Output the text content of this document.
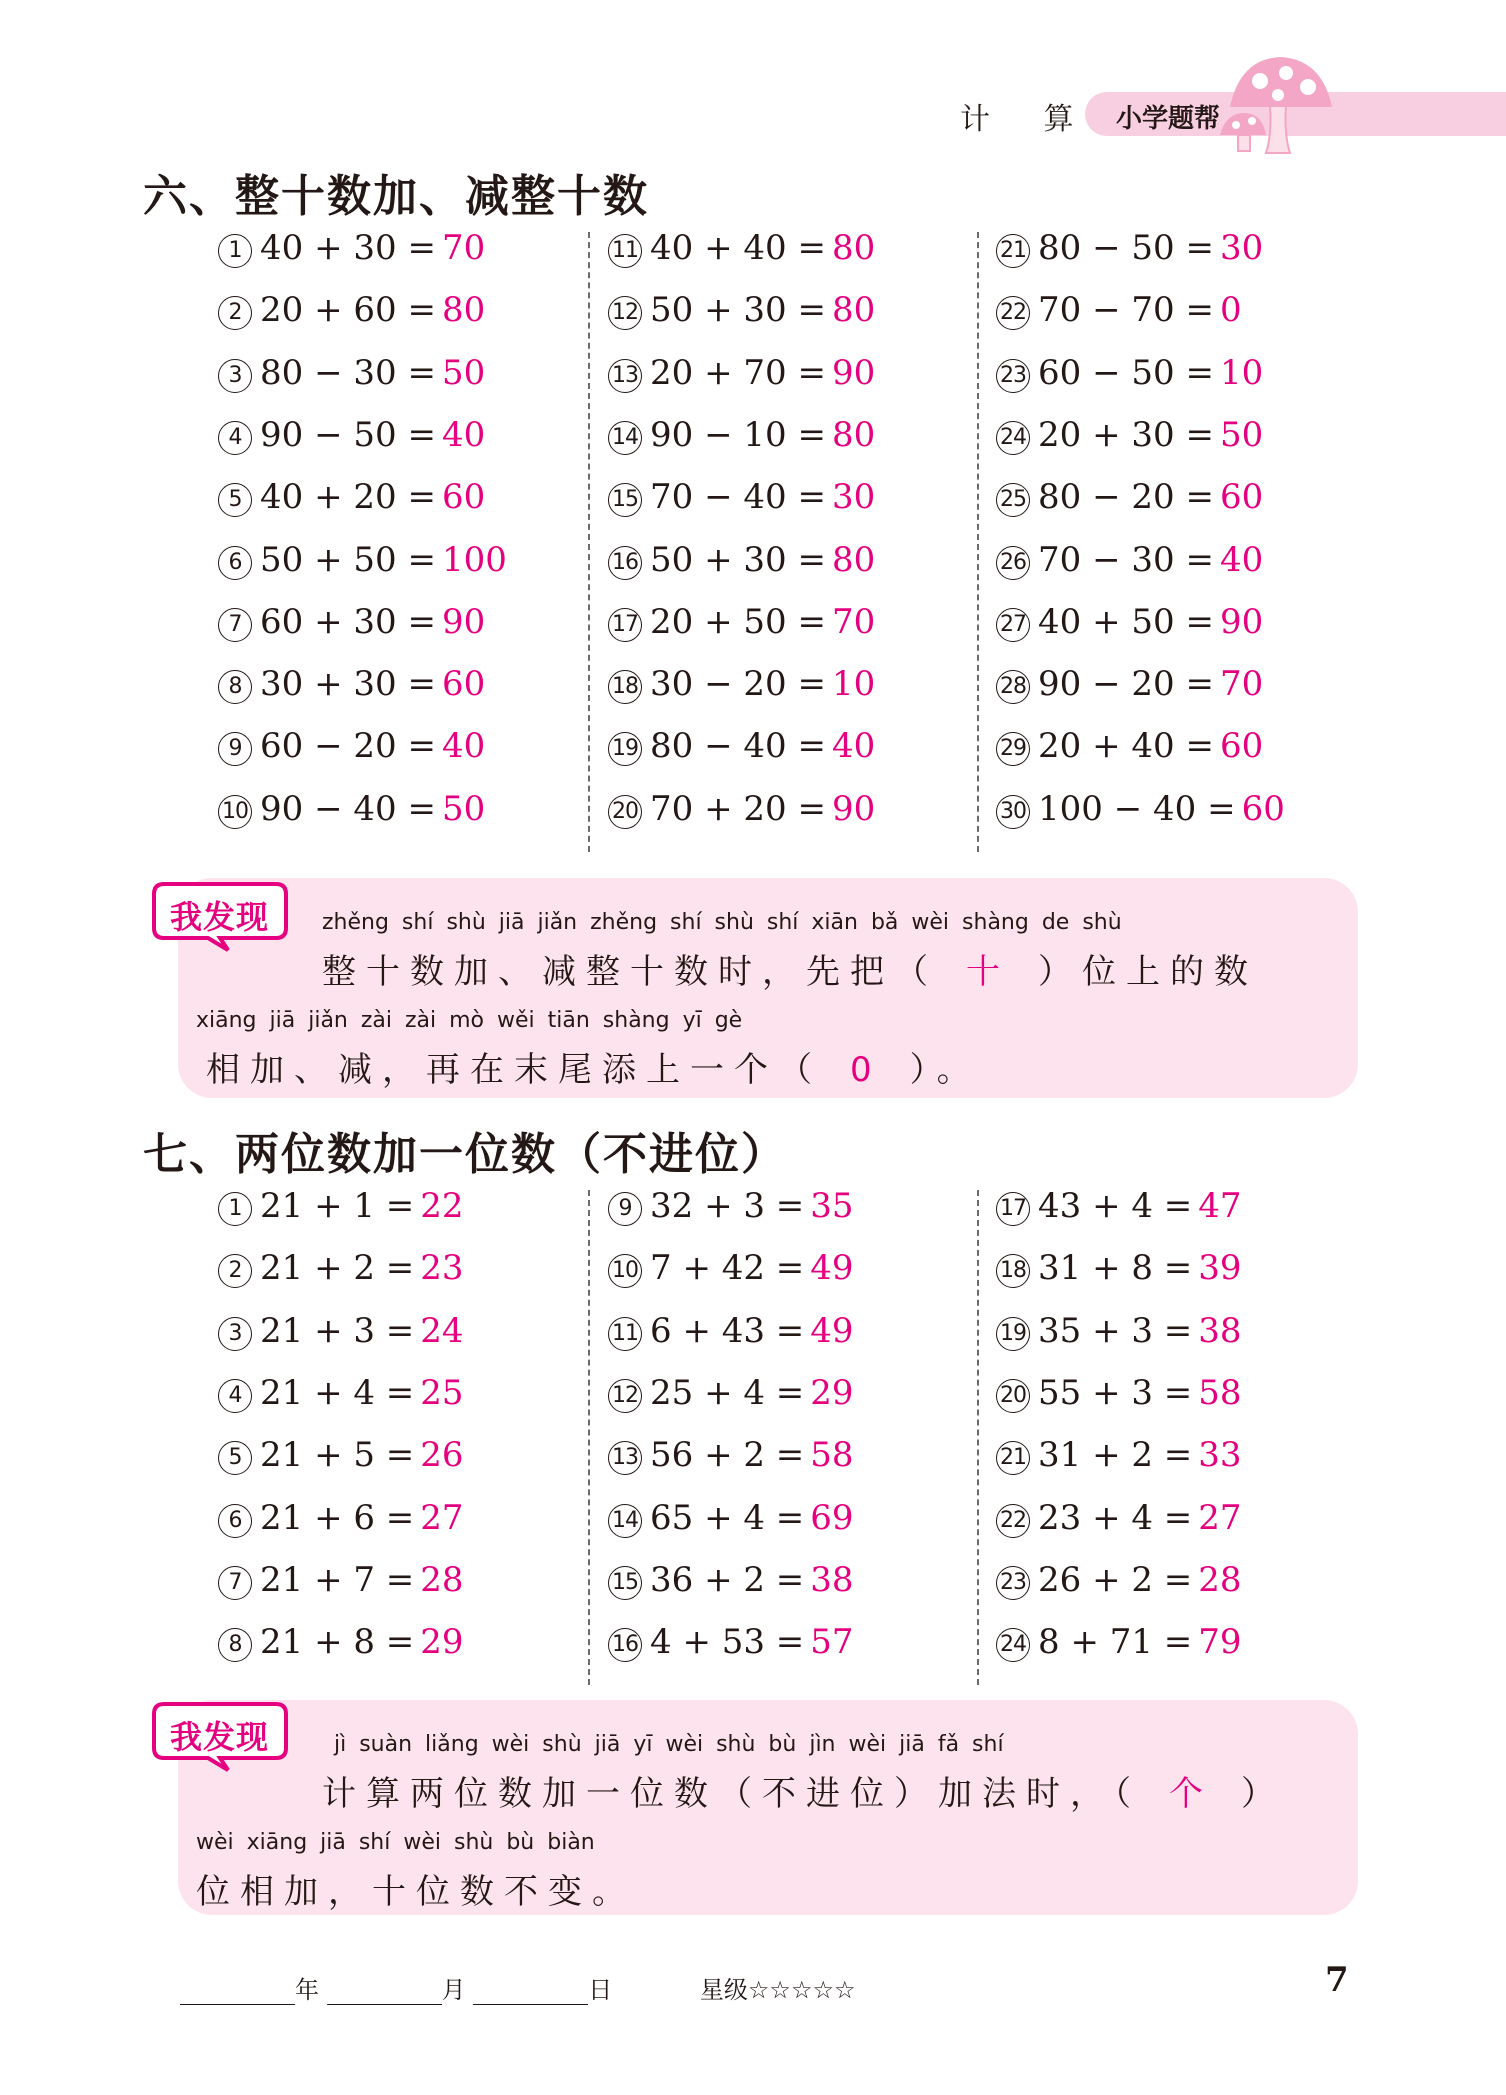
计 算 小学题帮
六、整十数加、减整十数
1 40 + 30 = 70
2 20 + 60 = 80
3 80 − 30 = 50
4 90 − 50 = 40
5 40 + 20 = 60
6 50 + 50 = 100
7 60 + 30 = 90
8 30 + 30 = 60
9 60 − 20 = 40
10 90 − 40 = 50
11 40 + 40 = 80
12 50 + 30 = 80
13 20 + 70 = 90
14 90 − 10 = 80
15 70 − 40 = 30
16 50 + 30 = 80
17 20 + 50 = 70
18 30 − 20 = 10
19 80 − 40 = 40
20 70 + 20 = 90
21 80 − 50 = 30
22 70 − 70 = 0
23 60 − 50 = 10
24 20 + 30 = 50
25 80 − 20 = 60
26 70 − 30 = 40
27 40 + 50 = 90
28 90 − 20 = 70
29 20 + 40 = 60
30 100 − 40 = 60
我发现 zhěng shí shù jiā jiǎn zhěng shí shù shí xiān bǎ wèi shàng de shù
整十数加、减整十数时，先把（ 十 ）位上的数
xiāng jiā jiǎn zài zài mò wěi tiān shàng yī gè
相加、减，再在末尾添上一个（ 0 ）。
七、两位数加一位数（不进位）
1 21 + 1 = 22
2 21 + 2 = 23
3 21 + 3 = 24
4 21 + 4 = 25
5 21 + 5 = 26
6 21 + 6 = 27
7 21 + 7 = 28
8 21 + 8 = 29
9 32 + 3 = 35
10 7 + 42 = 49
11 6 + 43 = 49
12 25 + 4 = 29
13 56 + 2 = 58
14 65 + 4 = 69
15 36 + 2 = 38
16 4 + 53 = 57
17 43 + 4 = 47
18 31 + 8 = 39
19 35 + 3 = 38
20 55 + 3 = 58
21 31 + 2 = 33
22 23 + 4 = 27
23 26 + 2 = 28
24 8 + 71 = 79
我发现	jì suàn liǎng wèi shù jiā yī wèi shù bù jìn wèi jiā fǎ shí
计算两位数加一位数（不进位）加法时，（ 个 ）
wèi xiāng jiā shí wèi shù bù biàn
位相加，十位数不变。
年	月	日	星级☆☆☆☆☆	7
